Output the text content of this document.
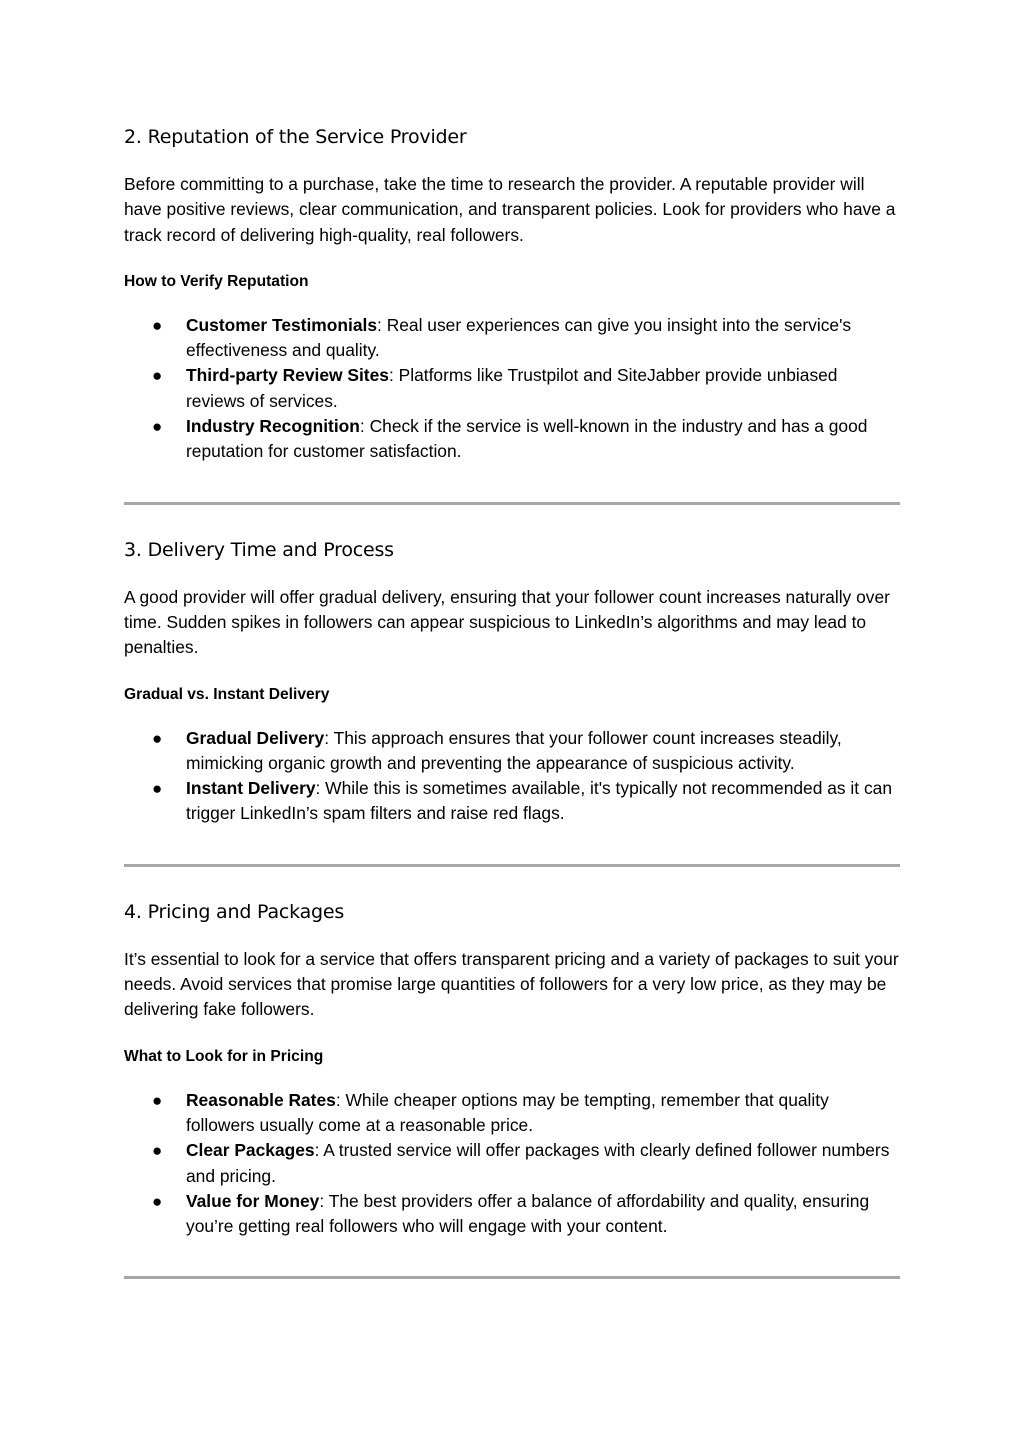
2. Reputation of the Service Provider

Before committing to a purchase, take the time to research the provider. A reputable provider will have positive reviews, clear communication, and transparent policies. Look for providers who have a track record of delivering high-quality, real followers.

How to Verify Reputation
● Customer Testimonials: Real user experiences can give you insight into the service's effectiveness and quality.
● Third-party Review Sites: Platforms like Trustpilot and SiteJabber provide unbiased reviews of services.
● Industry Recognition: Check if the service is well-known in the industry and has a good reputation for customer satisfaction.
3. Delivery Time and Process

A good provider will offer gradual delivery, ensuring that your follower count increases naturally over time. Sudden spikes in followers can appear suspicious to LinkedIn’s algorithms and may lead to penalties.

Gradual vs. Instant Delivery
● Gradual Delivery: This approach ensures that your follower count increases steadily, mimicking organic growth and preventing the appearance of suspicious activity.
● Instant Delivery: While this is sometimes available, it's typically not recommended as it can trigger LinkedIn’s spam filters and raise red flags.
4. Pricing and Packages

It’s essential to look for a service that offers transparent pricing and a variety of packages to suit your needs. Avoid services that promise large quantities of followers for a very low price, as they may be delivering fake followers.

What to Look for in Pricing
● Reasonable Rates: While cheaper options may be tempting, remember that quality followers usually come at a reasonable price.
● Clear Packages: A trusted service will offer packages with clearly defined follower numbers and pricing.
● Value for Money: The best providers offer a balance of affordability and quality, ensuring you’re getting real followers who will engage with your content.
